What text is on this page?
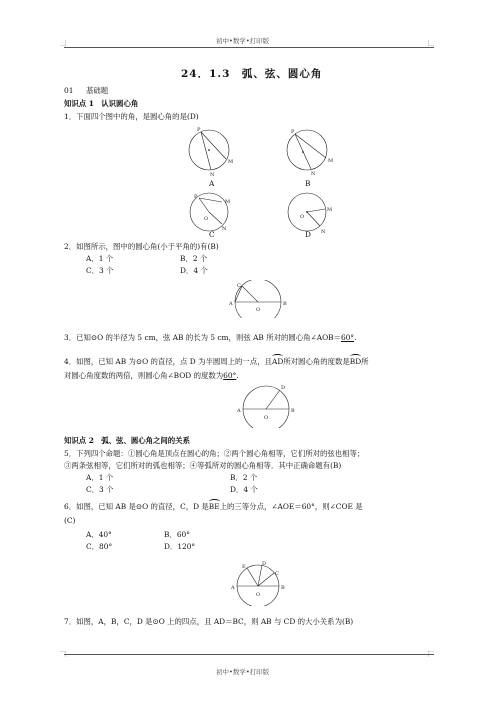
初中•数学•打印版
初中•数学•打印版
24．1.3　弧、弦、圆心角
01 基础题
知识点 1　认识圆心角
1．下面四个图中的角，是圆心角的是(D)
P
M
N
P
M
N
A	B
P
O
M
N
O
M
N
C	D
2．如图所示，图中的圆心角(小于平角的)有(B)
A．1 个	B．2 个
C．3 个	D．4 个
C
A	B
O
3．已知⊙O 的半径为 5 cm，弦 AB 的长为 5 cm，则弦 AB 所对的圆心角∠AOB＝60°.
4．如图，已知 AB 为⊙O 的直径，点 D 为半圆周上的一点，且AD所对圆心角的度数是BD所
对圆心角度数的两倍，则圆心角∠BOD 的度数为60°.
D
A	B
O
知识点 2　弧、弦、圆心角之间的关系
5．下列四个命题：①圆心角是顶点在圆心的角；②两个圆心角相等，它们所对的弦也相等；
③两条弦相等，它们所对的弧也相等；④等弧所对的圆心角相等．其中正确命题有(B)
A．1 个	B．2 个
C．3 个	D．4 个
6．如图，已知 AB 是⊙O 的直径，C，D 是BE上的三等分点，∠AOE＝60°，则∠COE 是
(C)
A．40°	B．60°
C．80°	D．120°
E	D
C
A	B
O
7．如图，A，B，C，D 是⊙O 上的四点，且 AD＝BC，则 AB 与 CD 的大小关系为(B)
